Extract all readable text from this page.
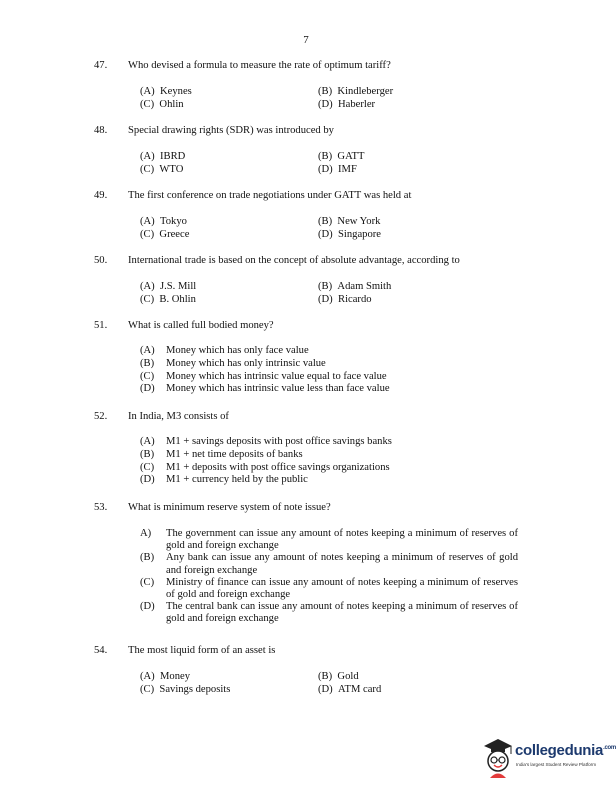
7
47. Who devised a formula to measure the rate of optimum tariff?
(A) Keynes	(B) Kindleberger
(C) Ohlin	(D) Haberler
48. Special drawing rights (SDR) was introduced by
(A) IBRD	(B) GATT
(C) WTO	(D) IMF
49. The first conference on trade negotiations under GATT was held at
(A) Tokyo	(B) New York
(C) Greece	(D) Singapore
50. International trade is based on the concept of absolute advantage, according to
(A) J.S. Mill	(B) Adam Smith
(C) B. Ohlin	(D) Ricardo
51. What is called full bodied money?
(A) Money which has only face value
(B) Money which has only intrinsic value
(C) Money which has intrinsic value equal to face value
(D) Money which has intrinsic value less than face value
52. In India, M3 consists of
(A) M1 + savings deposits with post office savings banks
(B) M1 + net time deposits of banks
(C) M1 + deposits with post office savings organizations
(D) M1 + currency held by the public
53. What is minimum reserve system of note issue?
A) The government can issue any amount of notes keeping a minimum of reserves of gold and foreign exchange
(B) Any bank can issue any amount of notes keeping a minimum of reserves of gold and foreign exchange
(C) Ministry of finance can issue any amount of notes keeping a minimum of reserves of gold and foreign exchange
(D) The central bank can issue any amount of notes keeping a minimum of reserves of gold and foreign exchange
54. The most liquid form of an asset is
(A) Money	(B) Gold
(C) Savings deposits	(D) ATM card
collegedunia$^{.com}$
India's largest Student Review Platform
